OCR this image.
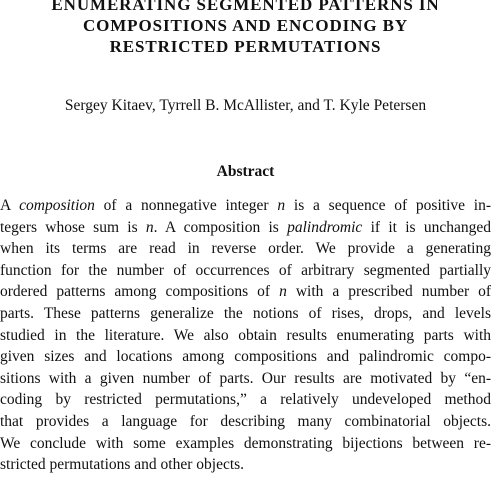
ENUMERATING SEGMENTED PATTERNS IN
COMPOSITIONS AND ENCODING BY
RESTRICTED PERMUTATIONS
Sergey Kitaev, Tyrrell B. McAllister, and T. Kyle Petersen
Abstract
A composition of a nonnegative integer n is a sequence of positive in-
tegers whose sum is n. A composition is palindromic if it is unchanged
when its terms are read in reverse order. We provide a generating
function for the number of occurrences of arbitrary segmented partially
ordered patterns among compositions of n with a prescribed number of
parts. These patterns generalize the notions of rises, drops, and levels
studied in the literature. We also obtain results enumerating parts with
given sizes and locations among compositions and palindromic compo-
sitions with a given number of parts. Our results are motivated by “en-
coding by restricted permutations,” a relatively undeveloped method
that provides a language for describing many combinatorial objects.
We conclude with some examples demonstrating bijections between re-
stricted permutations and other objects.
